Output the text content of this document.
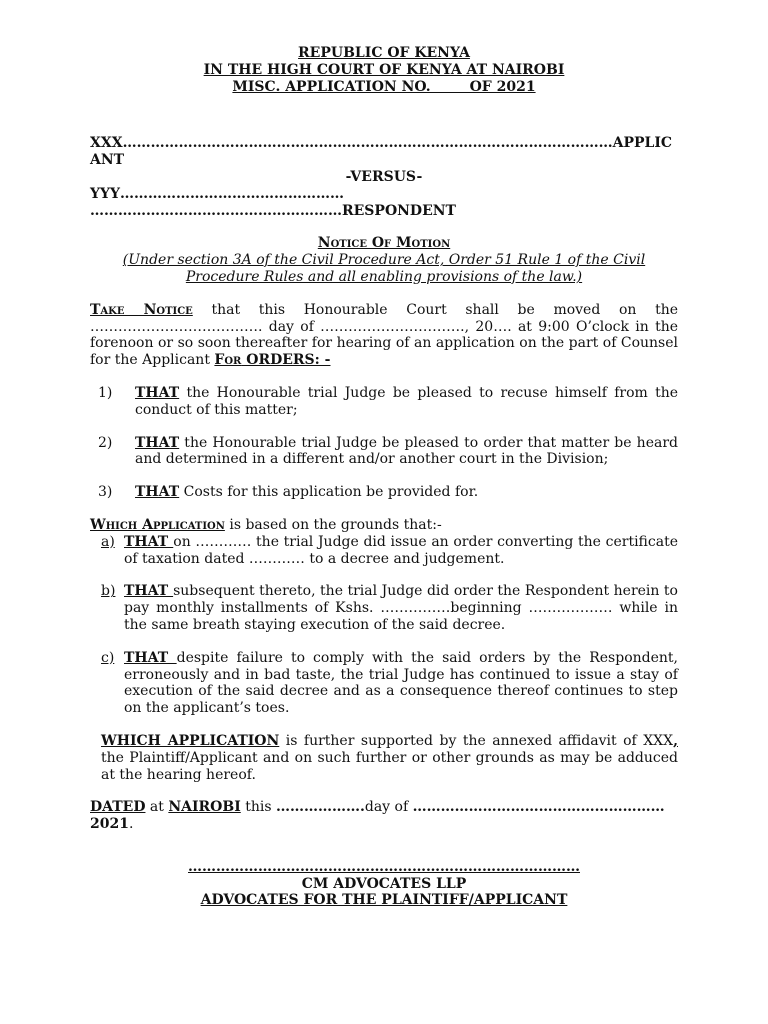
REPUBLIC OF KENYA
IN THE HIGH COURT OF KENYA AT NAIROBI
MISC. APPLICATION NO.        OF 2021
XXX……………………………………………………………………………………………APPLIC
ANT
-VERSUS-
YYY…………………………………………
………………………………………………RESPONDENT
Notice Of Motion
(Under section 3A of the Civil Procedure Act, Order 51 Rule 1 of the Civil
Procedure Rules and all enabling provisions of the law.)
Take Notice that this Honourable Court shall be moved on the ………………………………. day of …………………………., 20…. at 9:00 O’clock in the forenoon or so soon thereafter for hearing of an application on the part of Counsel for the Applicant For ORDERS: -
1) THAT the Honourable trial Judge be pleased to recuse himself from the conduct of this matter;
2) THAT the Honourable trial Judge be pleased to order that matter be heard and determined in a different and/or another court in the Division;
3) THAT Costs for this application be provided for.
Which Application is based on the grounds that:-
a) THAT on ………… the trial Judge did issue an order converting the certificate of taxation dated ………… to a decree and judgement.
b) THAT subsequent thereto, the trial Judge did order the Respondent herein to pay monthly installments of Kshs. ……………beginning ……………… while in the same breath staying execution of the said decree.
c) THAT despite failure to comply with the said orders by the Respondent, erroneously and in bad taste, the trial Judge has continued to issue a stay of execution of the said decree and as a consequence thereof continues to step on the applicant’s toes.
WHICH APPLICATION is further supported by the annexed affidavit of XXX, the Plaintiff/Applicant and on such further or other grounds as may be adduced at the hearing hereof.
DATED at NAIROBI this ……………….day of ………………………………………………
2021.
…………………………………………………………………………
CM ADVOCATES LLP
ADVOCATES FOR THE PLAINTIFF/APPLICANT
